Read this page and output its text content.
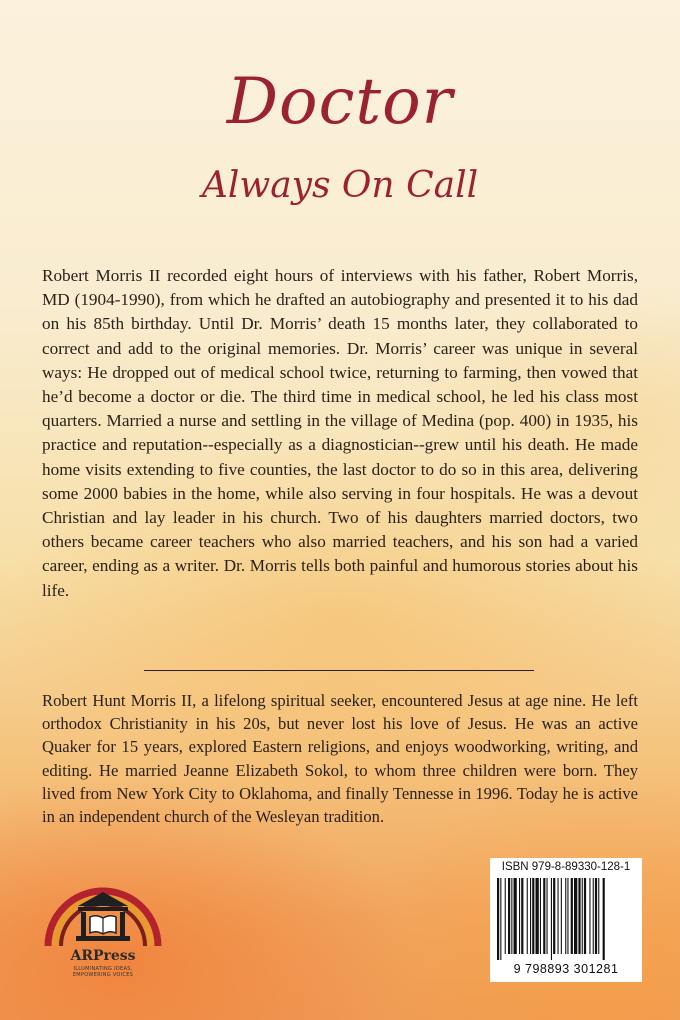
Doctor
Always On Call

Robert Morris II recorded eight hours of interviews with his father, Robert Morris, MD (1904-1990), from which he drafted an autobiography and presented it to his dad on his 85th birthday. Until Dr. Morris’ death 15 months later, they collaborated to correct and add to the original memories. Dr. Morris’ career was unique in several ways: He dropped out of medical school twice, returning to farming, then vowed that he’d become a doctor or die. The third time in medical school, he led his class most quarters. Married a nurse and settling in the village of Medina (pop. 400) in 1935, his practice and reputation--especially as a diagnostician--grew until his death. He made home visits extending to five counties, the last doctor to do so in this area, delivering some 2000 babies in the home, while also serving in four hospitals. He was a devout Christian and lay leader in his church. Two of his daughters married doctors, two others became career teachers who also married teachers, and his son had a varied career, ending as a writer. Dr. Morris tells both painful and humorous stories about his life.

Robert Hunt Morris II, a lifelong spiritual seeker, encountered Jesus at age nine. He left orthodox Christianity in his 20s, but never lost his love of Jesus. He was an active Quaker for 15 years, explored Eastern religions, and enjoys woodworking, writing, and editing. He married Jeanne Elizabeth Sokol, to whom three children were born. They lived from New York City to Oklahoma, and finally Tennesse in 1996. Today he is active in an independent church of the Wesleyan tradition.

ARPress
ILLUMINATING IDEAS,
EMPOWERING VOICES
ISBN 979-8-89330-128-1
9 798893 301281
